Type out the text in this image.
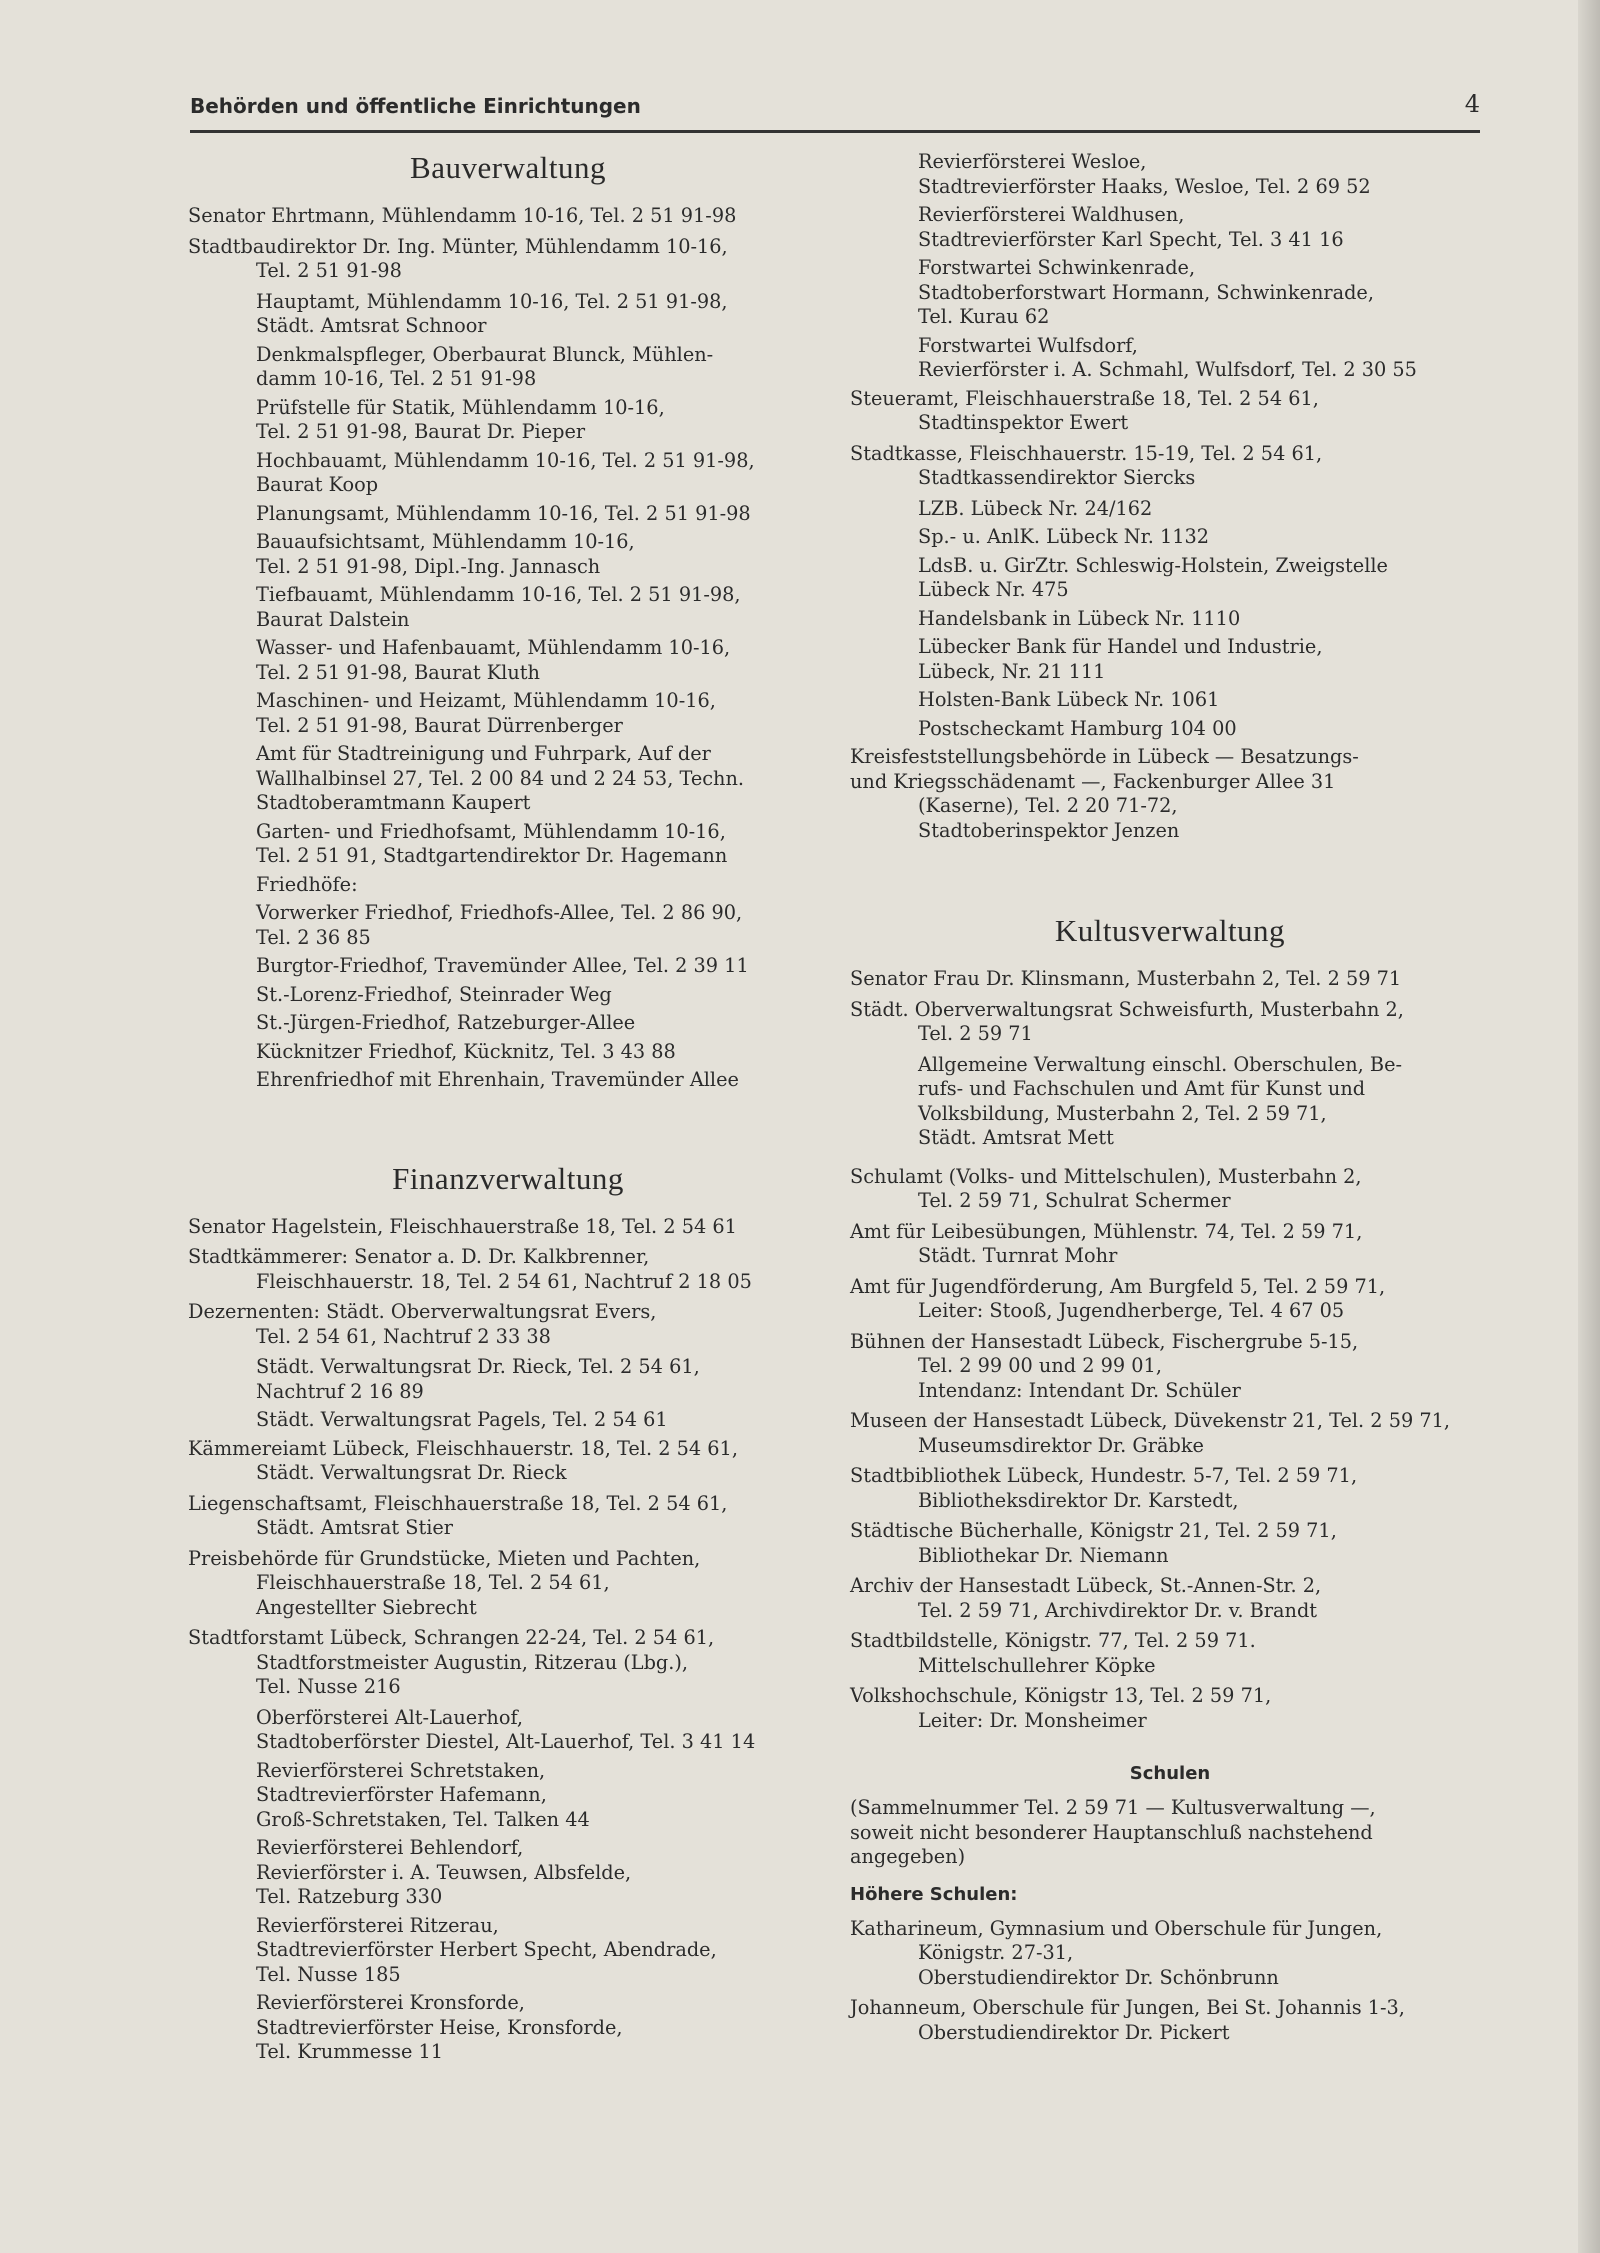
Behörden und öffentliche Einrichtungen	4
Bauverwaltung

Senator Ehrtmann, Mühlendamm 10-16, Tel. 2 51 91-98

Stadtbaudirektor Dr. Ing. Münter, Mühlendamm 10-16,

Tel. 2 51 91-98

Hauptamt, Mühlendamm 10-16, Tel. 2 51 91-98,

Städt. Amtsrat Schnoor

Denkmalspfleger, Oberbaurat Blunck, Mühlen-

damm 10-16, Tel. 2 51 91-98

Prüfstelle für Statik, Mühlendamm 10-16,

Tel. 2 51 91-98, Baurat Dr. Pieper

Hochbauamt, Mühlendamm 10-16, Tel. 2 51 91-98,

Baurat Koop

Planungsamt, Mühlendamm 10-16, Tel. 2 51 91-98

Bauaufsichtsamt, Mühlendamm 10-16,

Tel. 2 51 91-98, Dipl.-Ing. Jannasch

Tiefbauamt, Mühlendamm 10-16, Tel. 2 51 91-98,

Baurat Dalstein

Wasser- und Hafenbauamt, Mühlendamm 10-16,

Tel. 2 51 91-98, Baurat Kluth

Maschinen- und Heizamt, Mühlendamm 10-16,

Tel. 2 51 91-98, Baurat Dürrenberger

Amt für Stadtreinigung und Fuhrpark, Auf der

Wallhalbinsel 27, Tel. 2 00 84 und 2 24 53, Techn.

Stadtoberamtmann Kaupert

Garten- und Friedhofsamt, Mühlendamm 10-16,

Tel. 2 51 91, Stadtgartendirektor Dr. Hagemann

Friedhöfe:

Vorwerker Friedhof, Friedhofs-Allee, Tel. 2 86 90,

Tel. 2 36 85

Burgtor-Friedhof, Travemünder Allee, Tel. 2 39 11

St.-Lorenz-Friedhof, Steinrader Weg

St.-Jürgen-Friedhof, Ratzeburger-Allee

Kücknitzer Friedhof, Kücknitz, Tel. 3 43 88

Ehrenfriedhof mit Ehrenhain, Travemünder Allee

Finanzverwaltung

Senator Hagelstein, Fleischhauerstraße 18, Tel. 2 54 61

Stadtkämmerer: Senator a. D. Dr. Kalkbrenner,

Fleischhauerstr. 18, Tel. 2 54 61, Nachtruf 2 18 05

Dezernenten: Städt. Oberverwaltungsrat Evers,

Tel. 2 54 61, Nachtruf 2 33 38

Städt. Verwaltungsrat Dr. Rieck, Tel. 2 54 61,

Nachtruf 2 16 89

Städt. Verwaltungsrat Pagels, Tel. 2 54 61

Kämmereiamt Lübeck, Fleischhauerstr. 18, Tel. 2 54 61,

Städt. Verwaltungsrat Dr. Rieck

Liegenschaftsamt, Fleischhauerstraße 18, Tel. 2 54 61,

Städt. Amtsrat Stier

Preisbehörde für Grundstücke, Mieten und Pachten,

Fleischhauerstraße 18, Tel. 2 54 61,

Angestellter Siebrecht

Stadtforstamt Lübeck, Schrangen 22-24, Tel. 2 54 61,

Stadtforstmeister Augustin, Ritzerau (Lbg.),

Tel. Nusse 216

Oberförsterei Alt-Lauerhof,

Stadtoberförster Diestel, Alt-Lauerhof, Tel. 3 41 14

Revierförsterei Schretstaken,

Stadtrevierförster Hafemann,

Groß-Schretstaken, Tel. Talken 44

Revierförsterei Behlendorf,

Revierförster i. A. Teuwsen, Albsfelde,

Tel. Ratzeburg 330

Revierförsterei Ritzerau,

Stadtrevierförster Herbert Specht, Abendrade,

Tel. Nusse 185

Revierförsterei Kronsforde,

Stadtrevierförster Heise, Kronsforde,

Tel. Krummesse 11

Revierförsterei Wesloe,

Stadtrevierförster Haaks, Wesloe, Tel. 2 69 52

Revierförsterei Waldhusen,

Stadtrevierförster Karl Specht, Tel. 3 41 16

Forstwartei Schwinkenrade,

Stadtoberforstwart Hormann, Schwinkenrade,

Tel. Kurau 62

Forstwartei Wulfsdorf,

Revierförster i. A. Schmahl, Wulfsdorf, Tel. 2 30 55

Steueramt, Fleischhauerstraße 18, Tel. 2 54 61,

Stadtinspektor Ewert

Stadtkasse, Fleischhauerstr. 15-19, Tel. 2 54 61,

Stadtkassendirektor Siercks

LZB. Lübeck Nr. 24/162

Sp.- u. AnlK. Lübeck Nr. 1132

LdsB. u. GirZtr. Schleswig-Holstein, Zweigstelle

Lübeck Nr. 475

Handelsbank in Lübeck Nr. 1110

Lübecker Bank für Handel und Industrie,

Lübeck, Nr. 21 111

Holsten-Bank Lübeck Nr. 1061

Postscheckamt Hamburg 104 00

Kreisfeststellungsbehörde in Lübeck — Besatzungs-

und Kriegsschädenamt —, Fackenburger Allee 31

(Kaserne), Tel. 2 20 71-72,

Stadtoberinspektor Jenzen

Kultusverwaltung

Senator Frau Dr. Klinsmann, Musterbahn 2, Tel. 2 59 71

Städt. Oberverwaltungsrat Schweisfurth, Musterbahn 2,

Tel. 2 59 71

Allgemeine Verwaltung einschl. Oberschulen, Be-

rufs- und Fachschulen und Amt für Kunst und

Volksbildung, Musterbahn 2, Tel. 2 59 71,

Städt. Amtsrat Mett

Schulamt (Volks- und Mittelschulen), Musterbahn 2,

Tel. 2 59 71, Schulrat Schermer

Amt für Leibesübungen, Mühlenstr. 74, Tel. 2 59 71,

Städt. Turnrat Mohr

Amt für Jugendförderung, Am Burgfeld 5, Tel. 2 59 71,

Leiter: Stooß, Jugendherberge, Tel. 4 67 05

Bühnen der Hansestadt Lübeck, Fischergrube 5-15,

Tel. 2 99 00 und 2 99 01,

Intendanz: Intendant Dr. Schüler

Museen der Hansestadt Lübeck, Düvekenstr 21, Tel. 2 59 71,

Museumsdirektor Dr. Gräbke

Stadtbibliothek Lübeck, Hundestr. 5-7, Tel. 2 59 71,

Bibliotheksdirektor Dr. Karstedt,

Städtische Bücherhalle, Königstr 21, Tel. 2 59 71,

Bibliothekar Dr. Niemann

Archiv der Hansestadt Lübeck, St.-Annen-Str. 2,

Tel. 2 59 71, Archivdirektor Dr. v. Brandt

Stadtbildstelle, Königstr. 77, Tel. 2 59 71.

Mittelschullehrer Köpke

Volkshochschule, Königstr 13, Tel. 2 59 71,

Leiter: Dr. Monsheimer

Schulen

(Sammelnummer Tel. 2 59 71 — Kultusverwaltung —,

soweit nicht besonderer Hauptanschluß nachstehend

angegeben)

Höhere Schulen:

Katharineum, Gymnasium und Oberschule für Jungen,

Königstr. 27-31,

Oberstudiendirektor Dr. Schönbrunn

Johanneum, Oberschule für Jungen, Bei St. Johannis 1-3,

Oberstudiendirektor Dr. Pickert
